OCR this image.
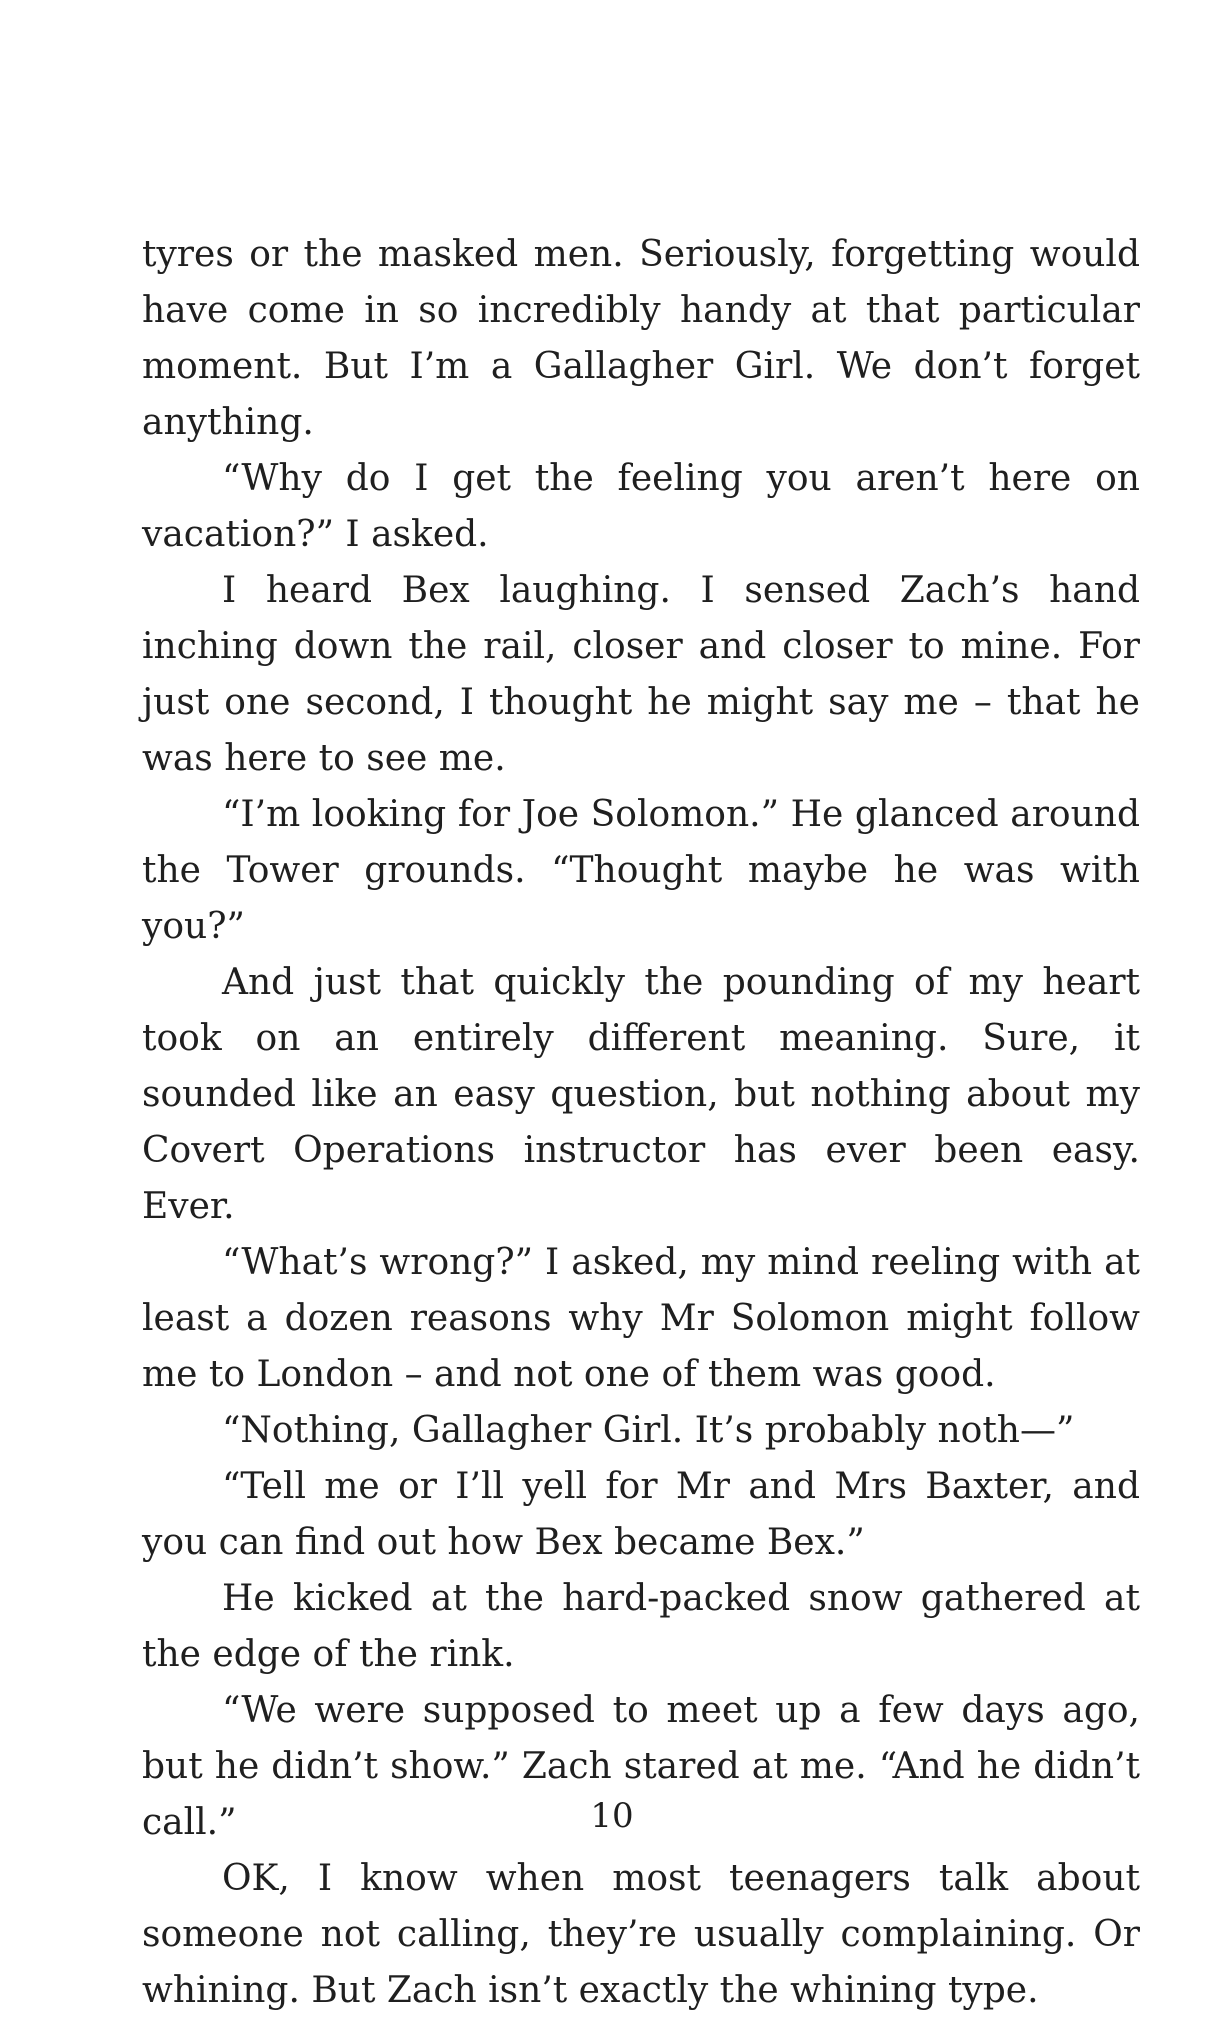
tyres or the masked men. Seriously, forgetting would have come in so incredibly handy at that particular moment. But I’m a Gallagher Girl. We don’t forget anything.

“Why do I get the feeling you aren’t here on vacation?” I asked.

I heard Bex laughing. I sensed Zach’s hand inching down the rail, closer and closer to mine. For just one second, I thought he might say me – that he was here to see me.

“I’m looking for Joe Solomon.” He glanced around the Tower grounds. “Thought maybe he was with you?”

And just that quickly the pounding of my heart took on an entirely different meaning. Sure, it sounded like an easy question, but nothing about my Covert Operations instructor has ever been easy. Ever.

“What’s wrong?” I asked, my mind reeling with at least a dozen reasons why Mr Solomon might follow me to London – and not one of them was good.

“Nothing, Gallagher Girl. It’s probably noth—”

“Tell me or I’ll yell for Mr and Mrs Baxter, and you can find out how Bex became Bex.”

He kicked at the hard-packed snow gathered at the edge of the rink.

“We were supposed to meet up a few days ago, but he didn’t show.” Zach stared at me. “And he didn’t call.”

OK, I know when most teenagers talk about someone not calling, they’re usually complaining. Or whining. But Zach isn’t exactly the whining type.

10
